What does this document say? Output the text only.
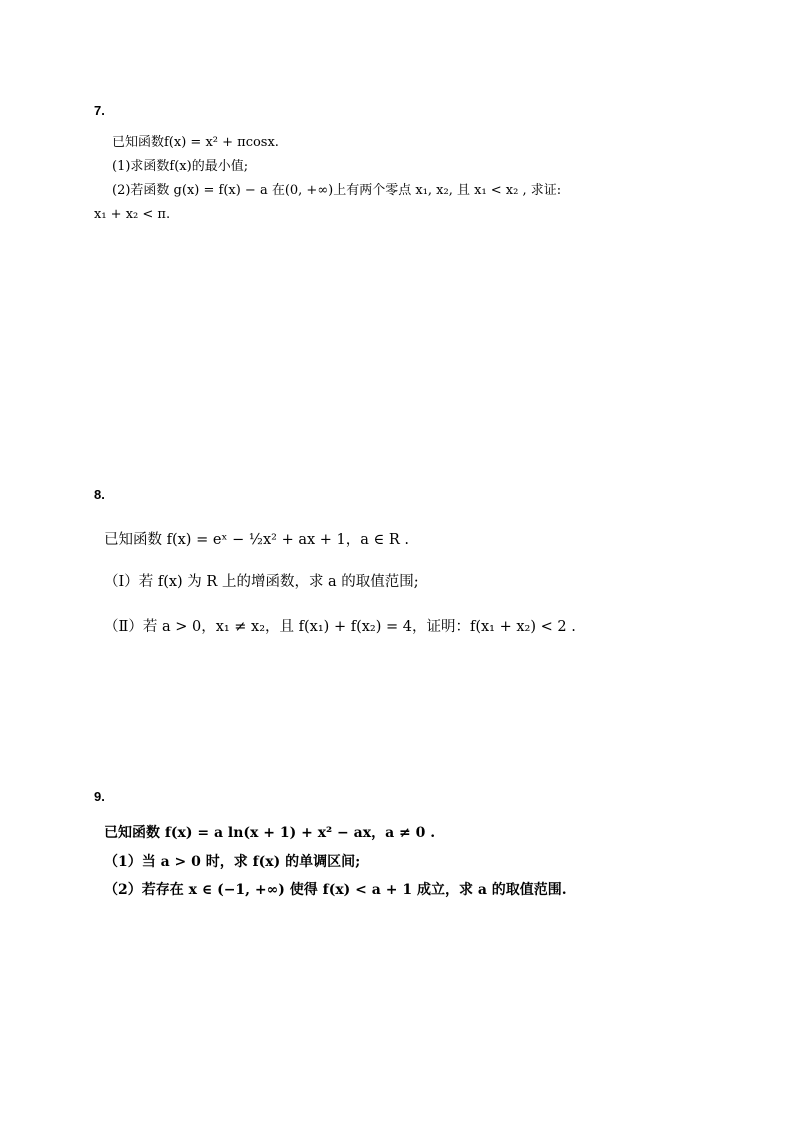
7.
已知函数f(x) = x² + πcosx.
(1)求函数f(x)的最小值;
(2)若函数 g(x) = f(x) − a 在(0, +∞)上有两个零点 x₁, x₂, 且 x₁ < x₂ , 求证:
x₁ + x₂ < π.
8.
已知函数 f(x) = eˣ − ½x² + ax + 1，a ∈ R .
（Ⅰ）若 f(x) 为 R 上的增函数，求 a 的取值范围;
（Ⅱ）若 a > 0，x₁ ≠ x₂，且 f(x₁) + f(x₂) = 4，证明：f(x₁ + x₂) < 2 .
9.
已知函数 f(x) = a ln(x + 1) + x² − ax，a ≠ 0 .
（1）当 a > 0 时，求 f(x) 的单调区间;
（2）若存在 x ∈ (−1, +∞) 使得 f(x) < a + 1 成立，求 a 的取值范围.
